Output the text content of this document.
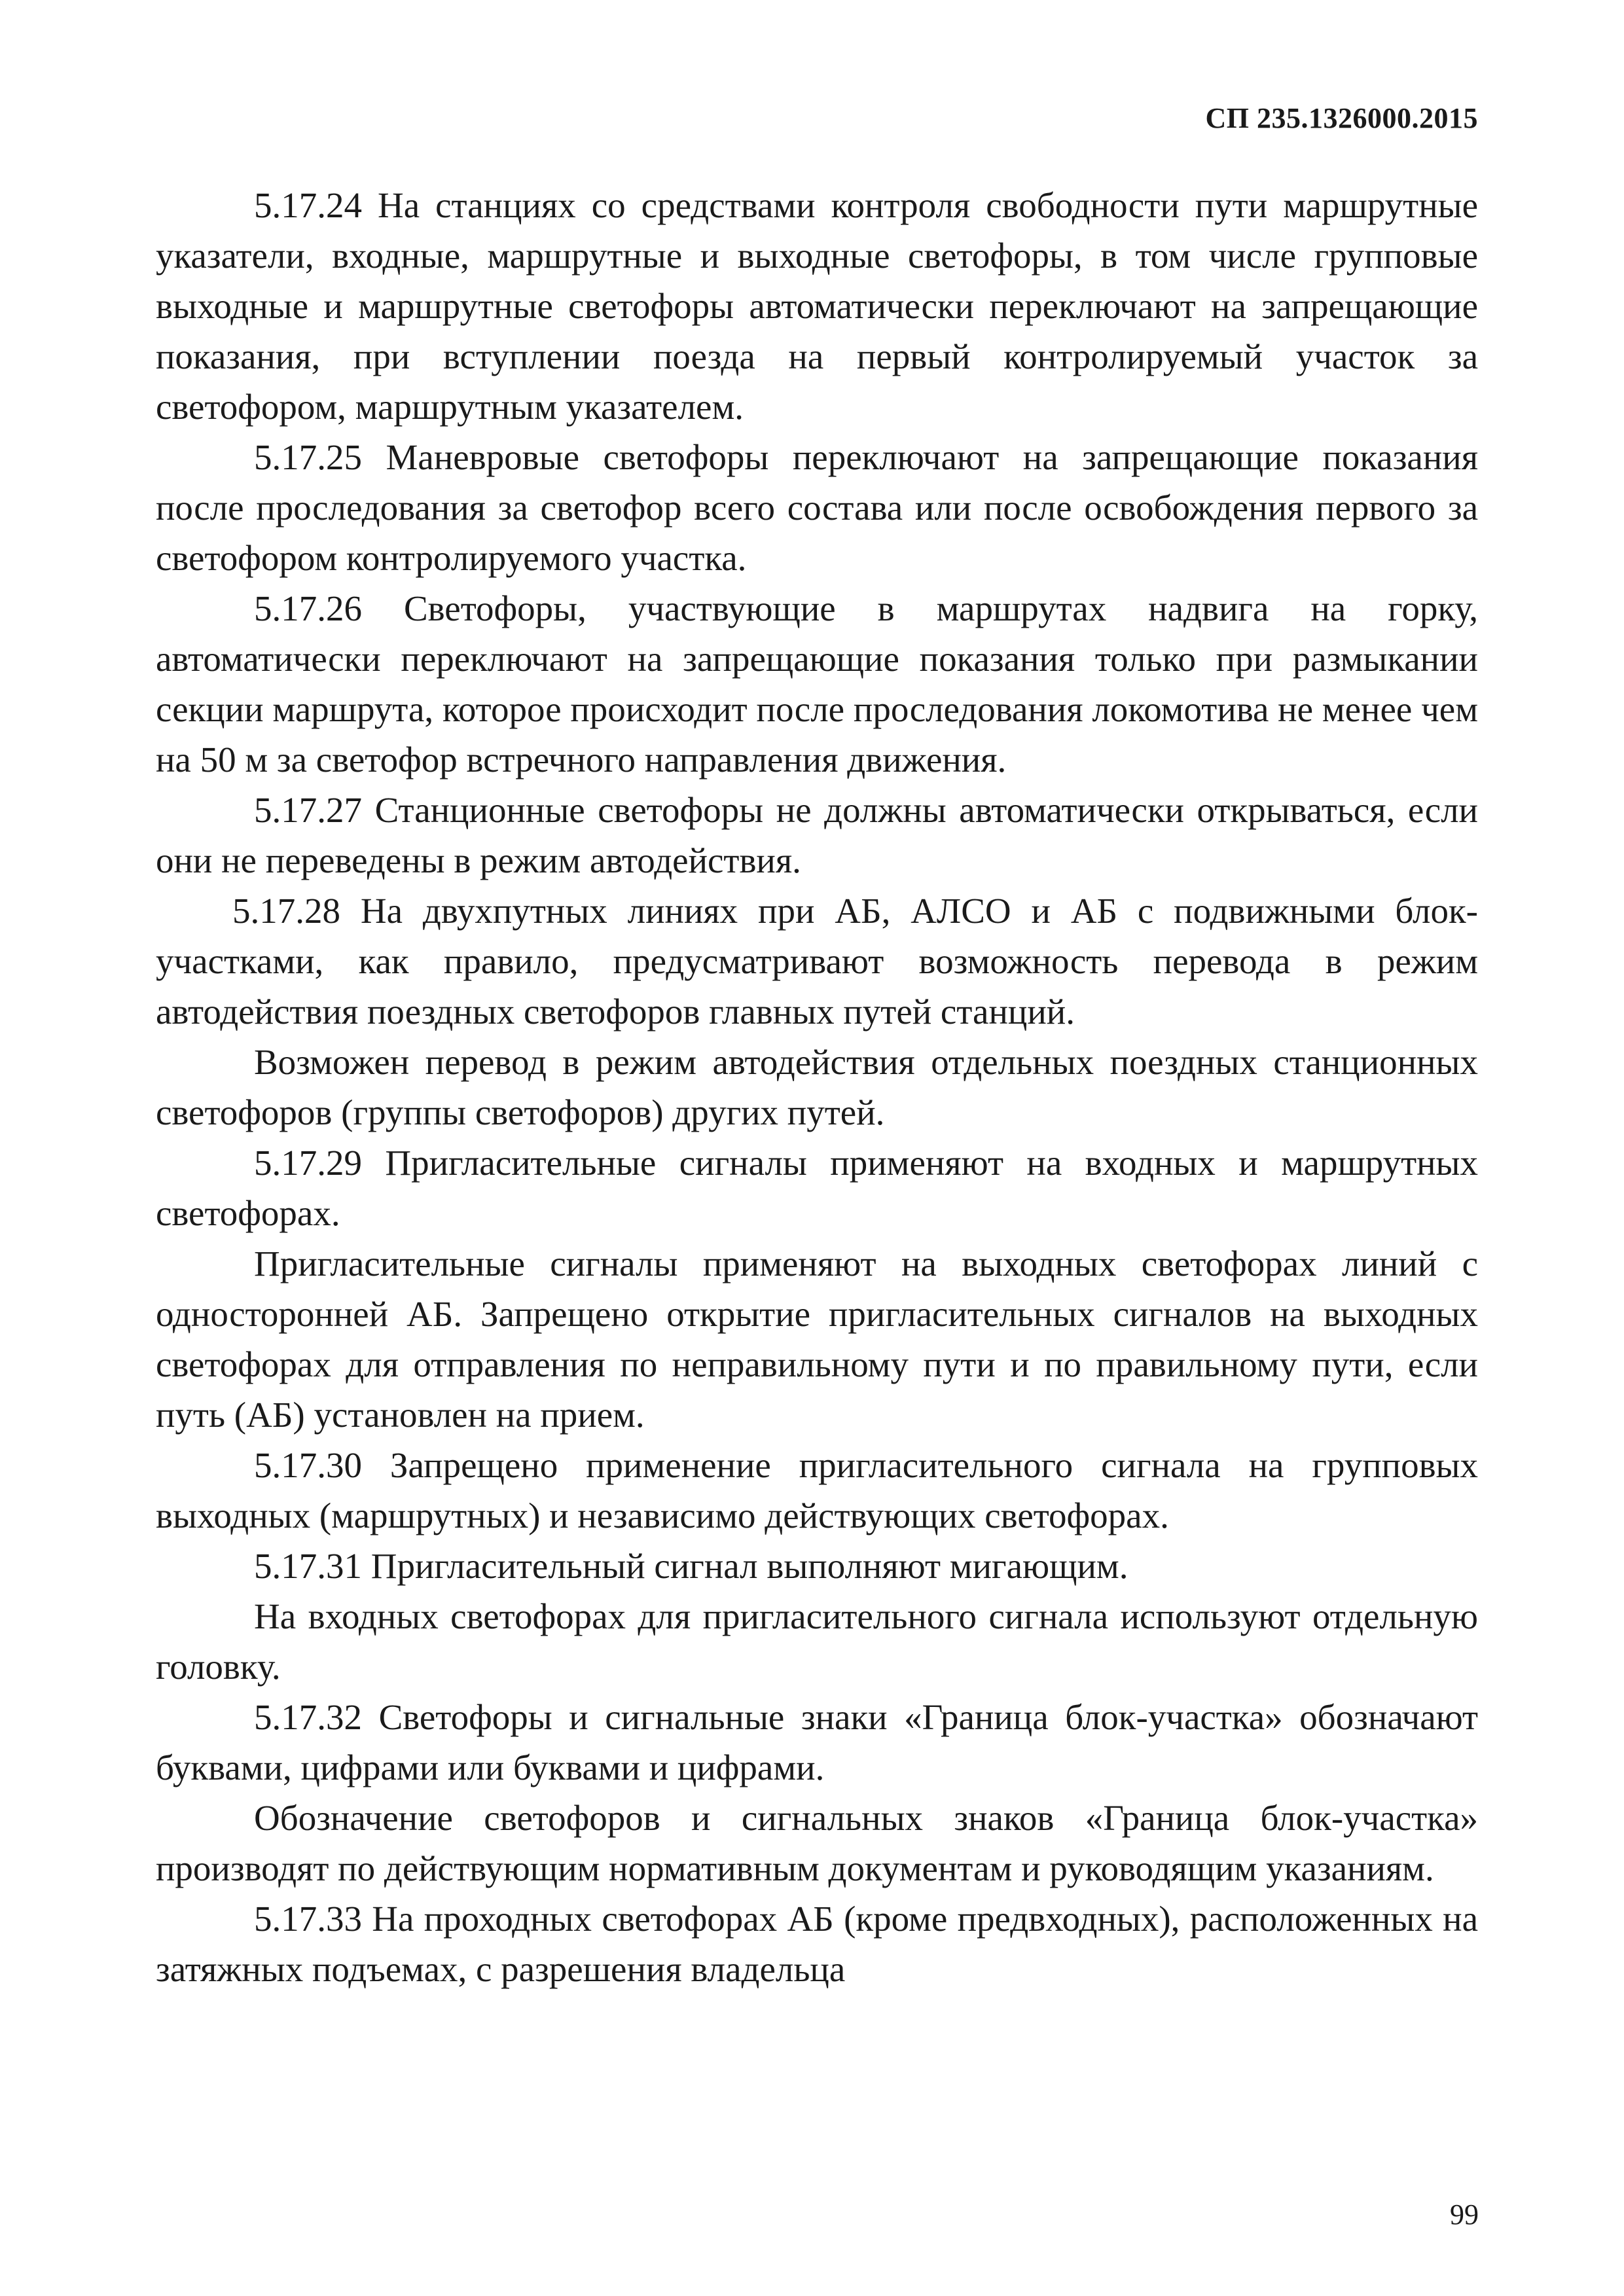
СП 235.1326000.2015

5.17.24 На станциях со средствами контроля свободности пути маршрутные указатели, входные, маршрутные и выходные светофоры, в том числе групповые выходные и маршрутные светофоры автоматически переключают на запрещающие показания, при вступлении поезда на первый контролируемый участок за светофором, маршрутным указателем.

5.17.25 Маневровые светофоры переключают на запрещающие показания после проследования за светофор всего состава или после освобождения первого за светофором контролируемого участка.

5.17.26 Светофоры, участвующие в маршрутах надвига на горку, автоматически переключают на запрещающие показания только при размыкании секции маршрута, которое происходит после проследования локомотива не менее чем на 50 м за светофор встречного направления движения.

5.17.27 Станционные светофоры не должны автоматически открываться, если они не переведены в режим автодействия.

5.17.28 На двухпутных линиях при АБ, АЛСО и АБ с подвижными блок-участками, как правило, предусматривают возможность перевода в режим автодействия поездных светофоров главных путей станций.

Возможен перевод в режим автодействия отдельных поездных станционных светофоров (группы светофоров) других путей.

5.17.29 Пригласительные сигналы применяют на входных и маршрутных светофорах.

Пригласительные сигналы применяют на выходных светофорах линий с односторонней АБ. Запрещено открытие пригласительных сигналов на выходных светофорах для отправления по неправильному пути и по правильному пути, если путь (АБ) установлен на прием.

5.17.30 Запрещено применение пригласительного сигнала на групповых выходных (маршрутных) и независимо действующих светофорах.

5.17.31 Пригласительный сигнал выполняют мигающим.

На входных светофорах для пригласительного сигнала используют отдельную головку.

5.17.32 Светофоры и сигнальные знаки «Граница блок-участка» обозначают буквами, цифрами или буквами и цифрами.

Обозначение светофоров и сигнальных знаков «Граница блок-участка» производят по действующим нормативным документам и руководящим указаниям.

5.17.33 На проходных светофорах АБ (кроме предвходных), расположенных на затяжных подъемах, с разрешения владельца

99
